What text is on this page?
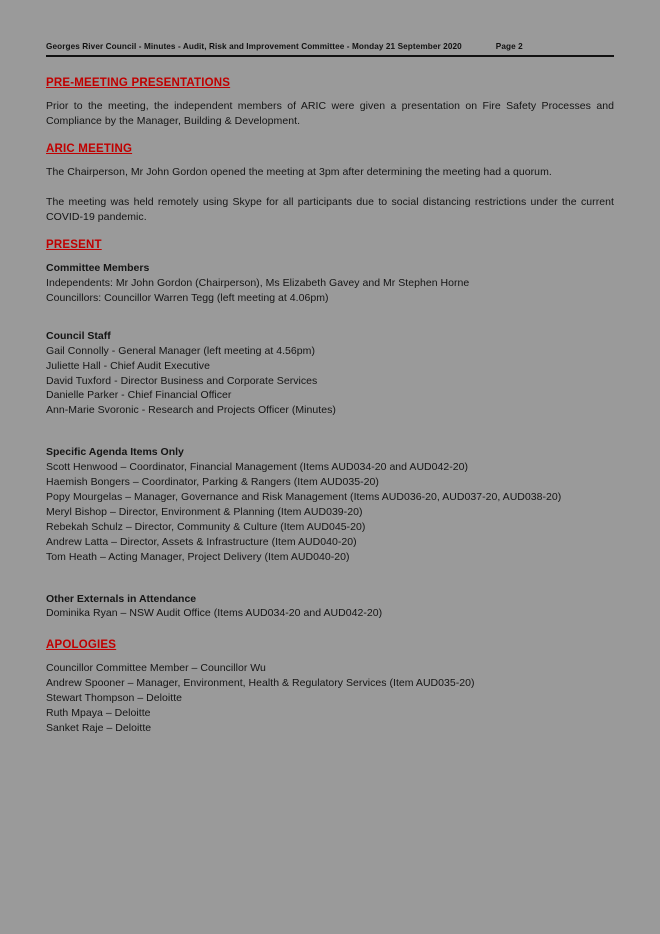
Georges River Council - Minutes - Audit, Risk and Improvement Committee - Monday 21 September 2020	Page 2
PRE-MEETING PRESENTATIONS

Prior to the meeting, the independent members of ARIC were given a presentation on Fire Safety Processes and Compliance by the Manager, Building & Development.

ARIC MEETING

The Chairperson, Mr John Gordon opened the meeting at 3pm after determining the meeting had a quorum.

The meeting was held remotely using Skype for all participants due to social distancing restrictions under the current COVID-19 pandemic.

PRESENT

Committee Members

Independents: Mr John Gordon (Chairperson), Ms Elizabeth Gavey and Mr Stephen Horne

Councillors: Councillor Warren Tegg (left meeting at 4.06pm)

Council Staff

Gail Connolly - General Manager (left meeting at 4.56pm)

Juliette Hall - Chief Audit Executive

David Tuxford - Director Business and Corporate Services

Danielle Parker - Chief Financial Officer

Ann-Marie Svoronic - Research and Projects Officer (Minutes)

Specific Agenda Items Only

Scott Henwood – Coordinator, Financial Management (Items AUD034-20 and AUD042-20)

Haemish Bongers – Coordinator, Parking & Rangers (Item AUD035-20)

Popy Mourgelas – Manager, Governance and Risk Management (Items AUD036-20, AUD037-20, AUD038-20)

Meryl Bishop – Director, Environment & Planning (Item AUD039-20)

Rebekah Schulz – Director, Community & Culture (Item AUD045-20)

Andrew Latta – Director, Assets & Infrastructure (Item AUD040-20)

Tom Heath – Acting Manager, Project Delivery (Item AUD040-20)

Other Externals in Attendance

Dominika Ryan – NSW Audit Office (Items AUD034-20 and AUD042-20)

APOLOGIES

Councillor Committee Member – Councillor Wu

Andrew Spooner – Manager, Environment, Health & Regulatory Services (Item AUD035-20)

Stewart Thompson – Deloitte

Ruth Mpaya – Deloitte

Sanket Raje – Deloitte
